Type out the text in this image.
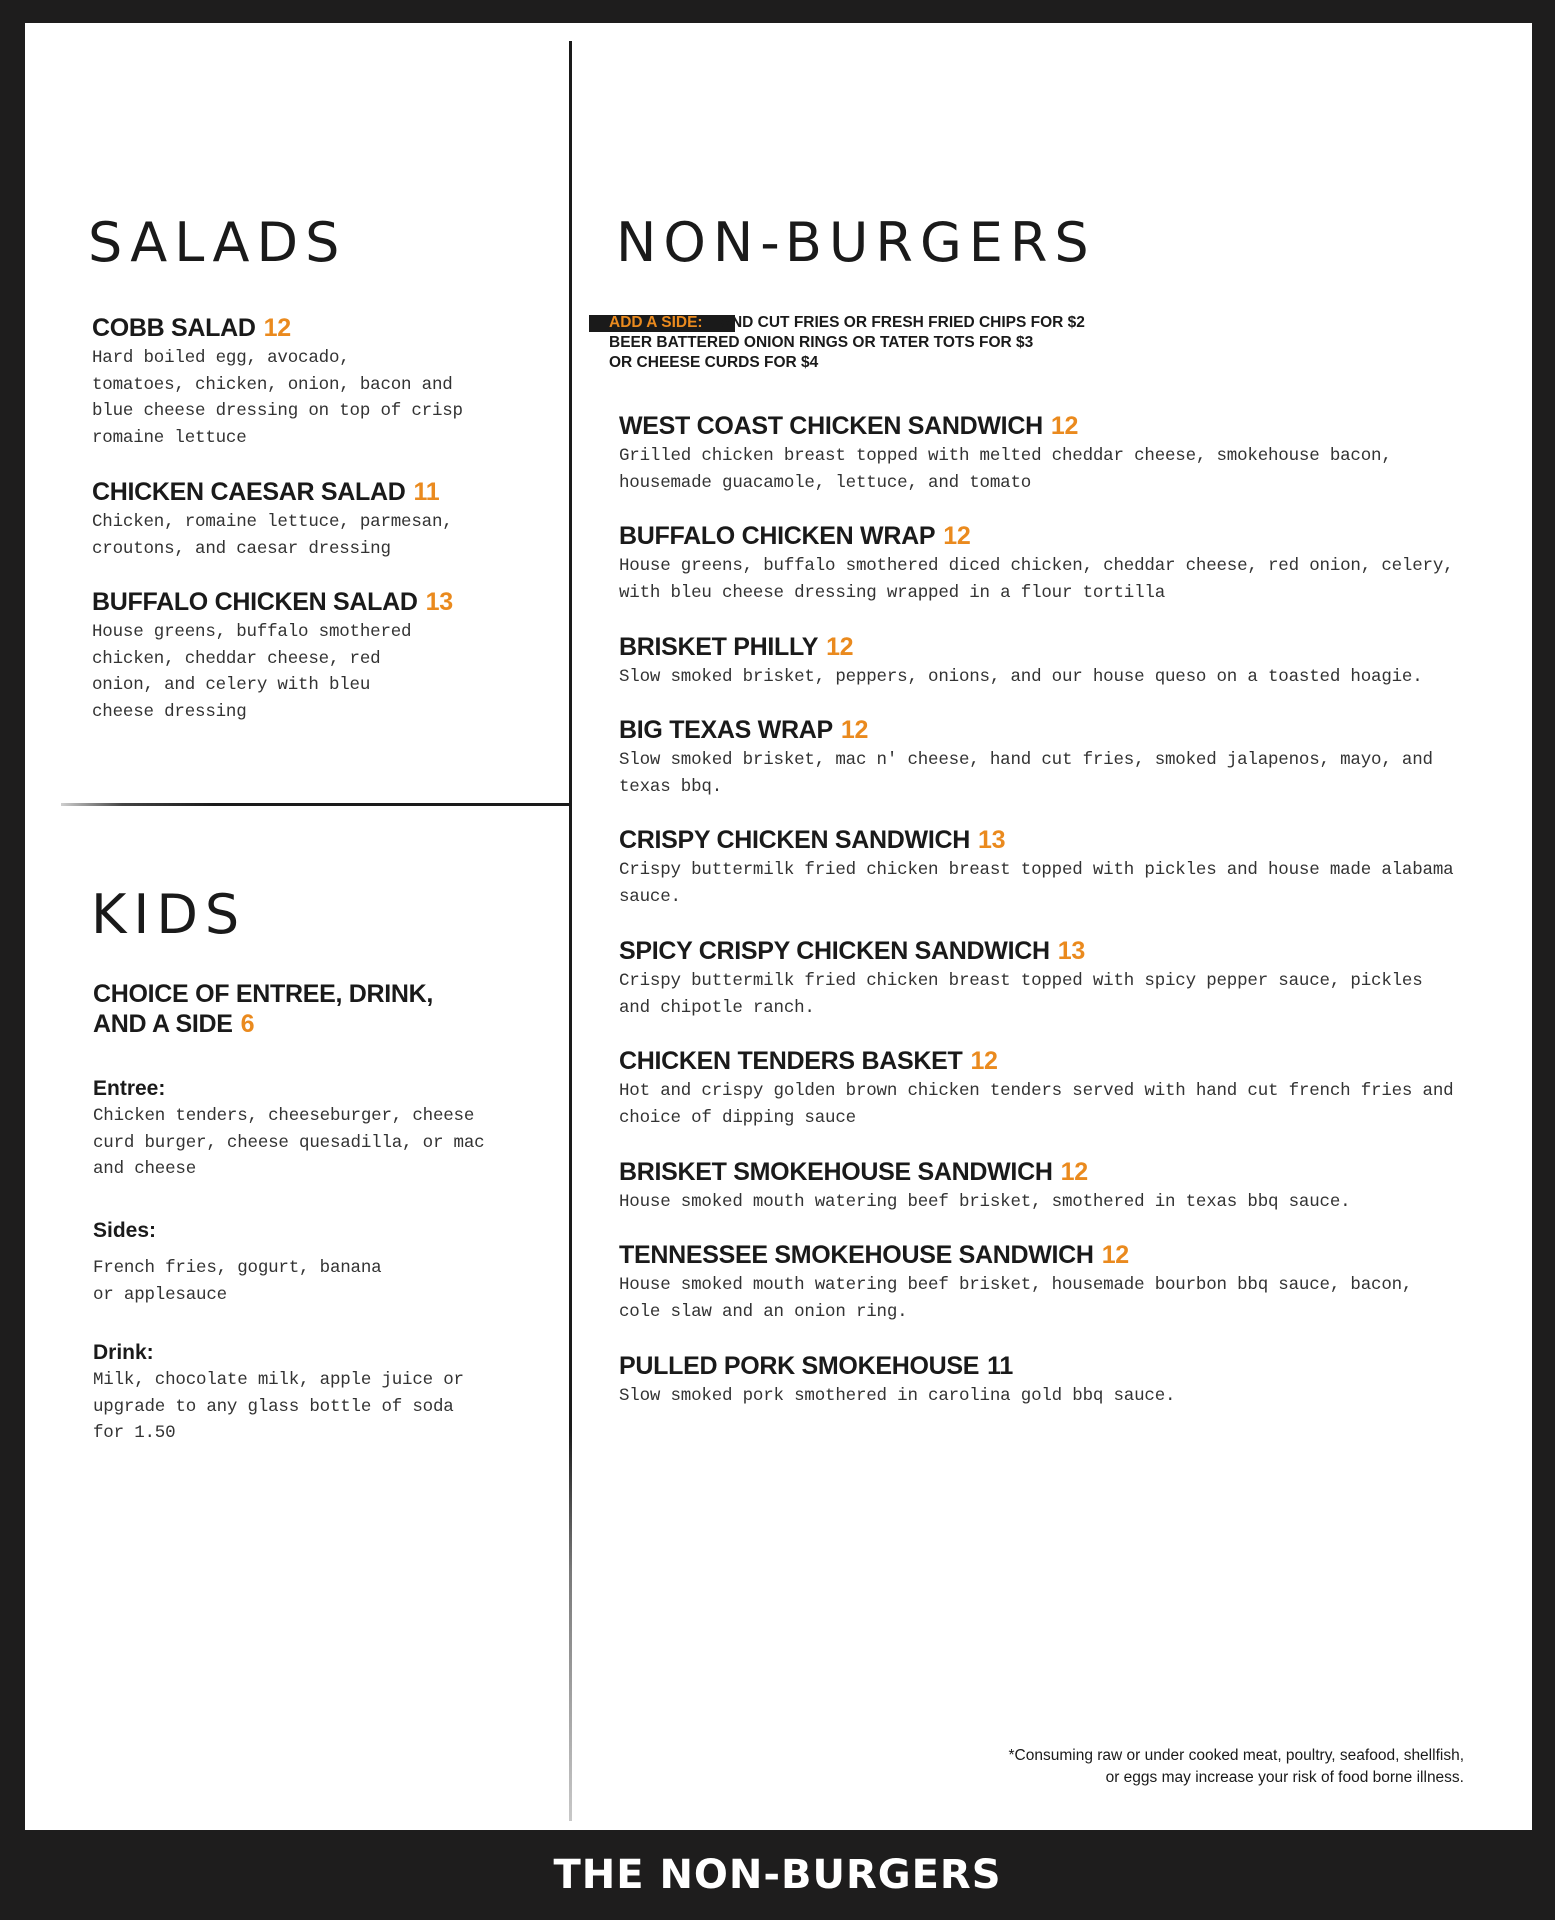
SALADS

COBB SALAD 12

Hard boiled egg, avocado,
tomatoes, chicken, onion, bacon and
blue cheese dressing on top of crisp
romaine lettuce

CHICKEN CAESAR SALAD 11

Chicken, romaine lettuce, parmesan,
croutons, and caesar dressing

BUFFALO CHICKEN SALAD 13

House greens, buffalo smothered
chicken, cheddar cheese, red
onion, and celery with bleu
cheese dressing

KIDS

CHOICE OF ENTREE, DRINK,

AND A SIDE 6

Entree:

Chicken tenders, cheeseburger, cheese
curd burger, cheese quesadilla, or mac
and cheese

Sides:

French fries, gogurt, banana
or applesauce

Drink:

Milk, chocolate milk, apple juice or
upgrade to any glass bottle of soda
for 1.50

NON-BURGERS
ADD A SIDE: HAND CUT FRIES OR FRESH FRIED CHIPS FOR $2
BEER BATTERED ONION RINGS OR TATER TOTS FOR $3
OR CHEESE CURDS FOR $4

WEST COAST CHICKEN SANDWICH 12

Grilled chicken breast topped with melted cheddar cheese, smokehouse bacon,
housemade guacamole, lettuce, and tomato

BUFFALO CHICKEN WRAP 12

House greens, buffalo smothered diced chicken, cheddar cheese, red onion, celery,
with bleu cheese dressing wrapped in a flour tortilla

BRISKET PHILLY 12

Slow smoked brisket, peppers, onions, and our house queso on a toasted hoagie.

BIG TEXAS WRAP 12

Slow smoked brisket, mac n' cheese, hand cut fries, smoked jalapenos, mayo, and
texas bbq.

CRISPY CHICKEN SANDWICH 13

Crispy buttermilk fried chicken breast topped with pickles and house made alabama
sauce.

SPICY CRISPY CHICKEN SANDWICH 13

Crispy buttermilk fried chicken breast topped with spicy pepper sauce, pickles
and chipotle ranch.

CHICKEN TENDERS BASKET 12

Hot and crispy golden brown chicken tenders served with hand cut french fries and
choice of dipping sauce

BRISKET SMOKEHOUSE SANDWICH 12

House smoked mouth watering beef brisket, smothered in texas bbq sauce.

TENNESSEE SMOKEHOUSE SANDWICH 12

House smoked mouth watering beef brisket, housemade bourbon bbq sauce, bacon,
cole slaw and an onion ring.

PULLED PORK SMOKEHOUSE 11

Slow smoked pork smothered in carolina gold bbq sauce.

*Consuming raw or under cooked meat, poultry, seafood, shellfish,
or eggs may increase your risk of food borne illness.
THE NON-BURGERS
